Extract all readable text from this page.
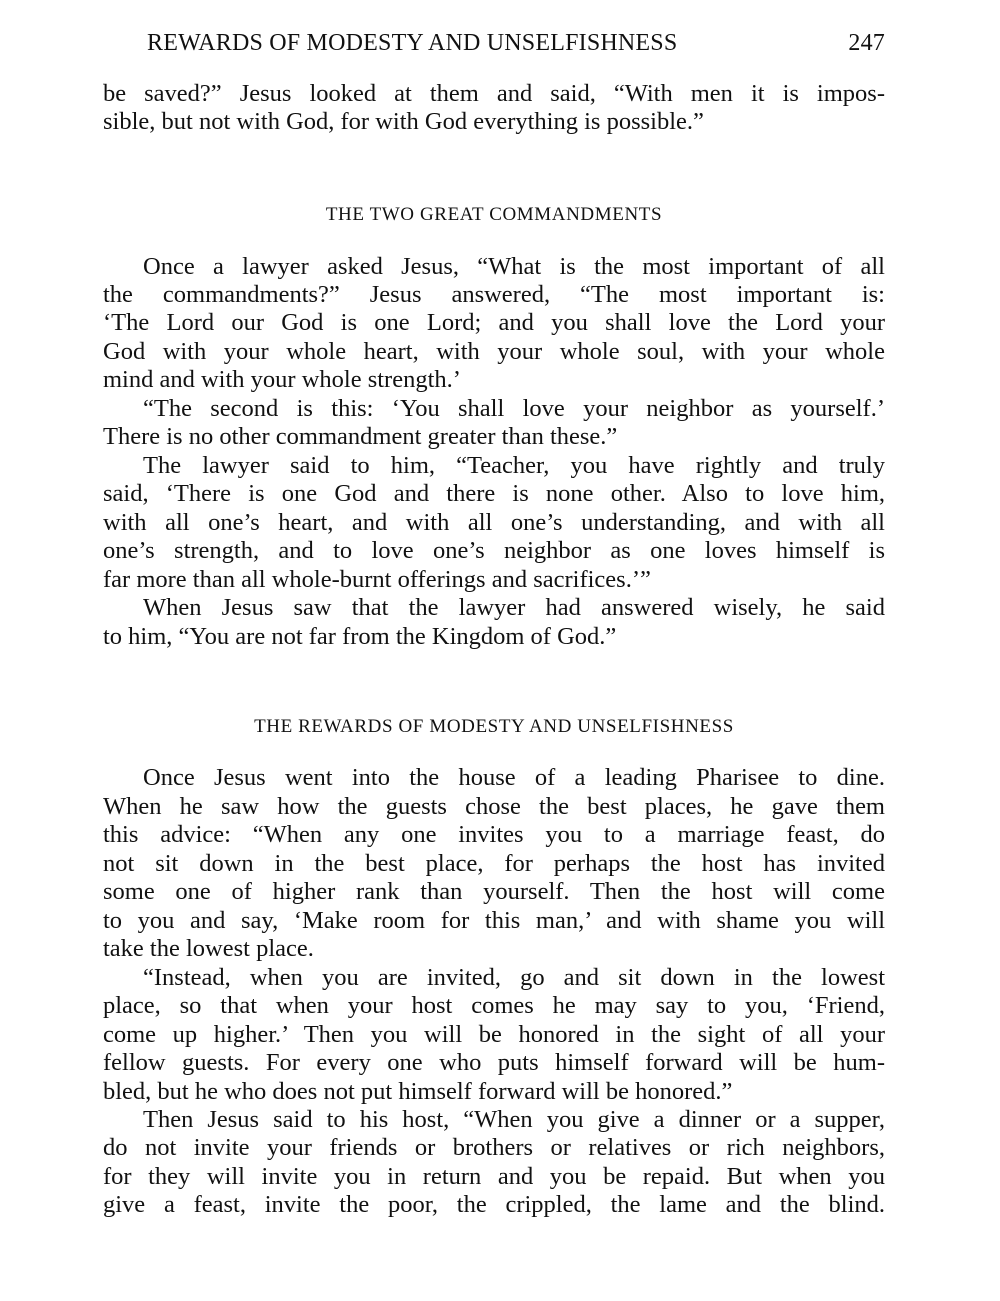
REWARDS OF MODESTY AND UNSELFISHNESS	247
be saved?” Jesus looked at them and said, “With men it is impos-
sible, but not with God, for with God everything is possible.”
THE TWO GREAT COMMANDMENTS
Once a lawyer asked Jesus, “What is the most important of all
the commandments?” Jesus answered, “The most important is:
‘The Lord our God is one Lord; and you shall love the Lord your
God with your whole heart, with your whole soul, with your whole
mind and with your whole strength.’
“The second is this: ‘You shall love your neighbor as yourself.’
There is no other commandment greater than these.”
The lawyer said to him, “Teacher, you have rightly and truly
said, ‘There is one God and there is none other. Also to love him,
with all one’s heart, and with all one’s understanding, and with all
one’s strength, and to love one’s neighbor as one loves himself is
far more than all whole-burnt offerings and sacrifices.’”
When Jesus saw that the lawyer had answered wisely, he said
to him, “You are not far from the Kingdom of God.”
THE REWARDS OF MODESTY AND UNSELFISHNESS
Once Jesus went into the house of a leading Pharisee to dine.
When he saw how the guests chose the best places, he gave them
this advice: “When any one invites you to a marriage feast, do
not sit down in the best place, for perhaps the host has invited
some one of higher rank than yourself. Then the host will come
to you and say, ‘Make room for this man,’ and with shame you will
take the lowest place.
“Instead, when you are invited, go and sit down in the lowest
place, so that when your host comes he may say to you, ‘Friend,
come up higher.’ Then you will be honored in the sight of all your
fellow guests. For every one who puts himself forward will be hum-
bled, but he who does not put himself forward will be honored.”
Then Jesus said to his host, “When you give a dinner or a supper,
do not invite your friends or brothers or relatives or rich neighbors,
for they will invite you in return and you be repaid. But when you
give a feast, invite the poor, the crippled, the lame and the blind.
